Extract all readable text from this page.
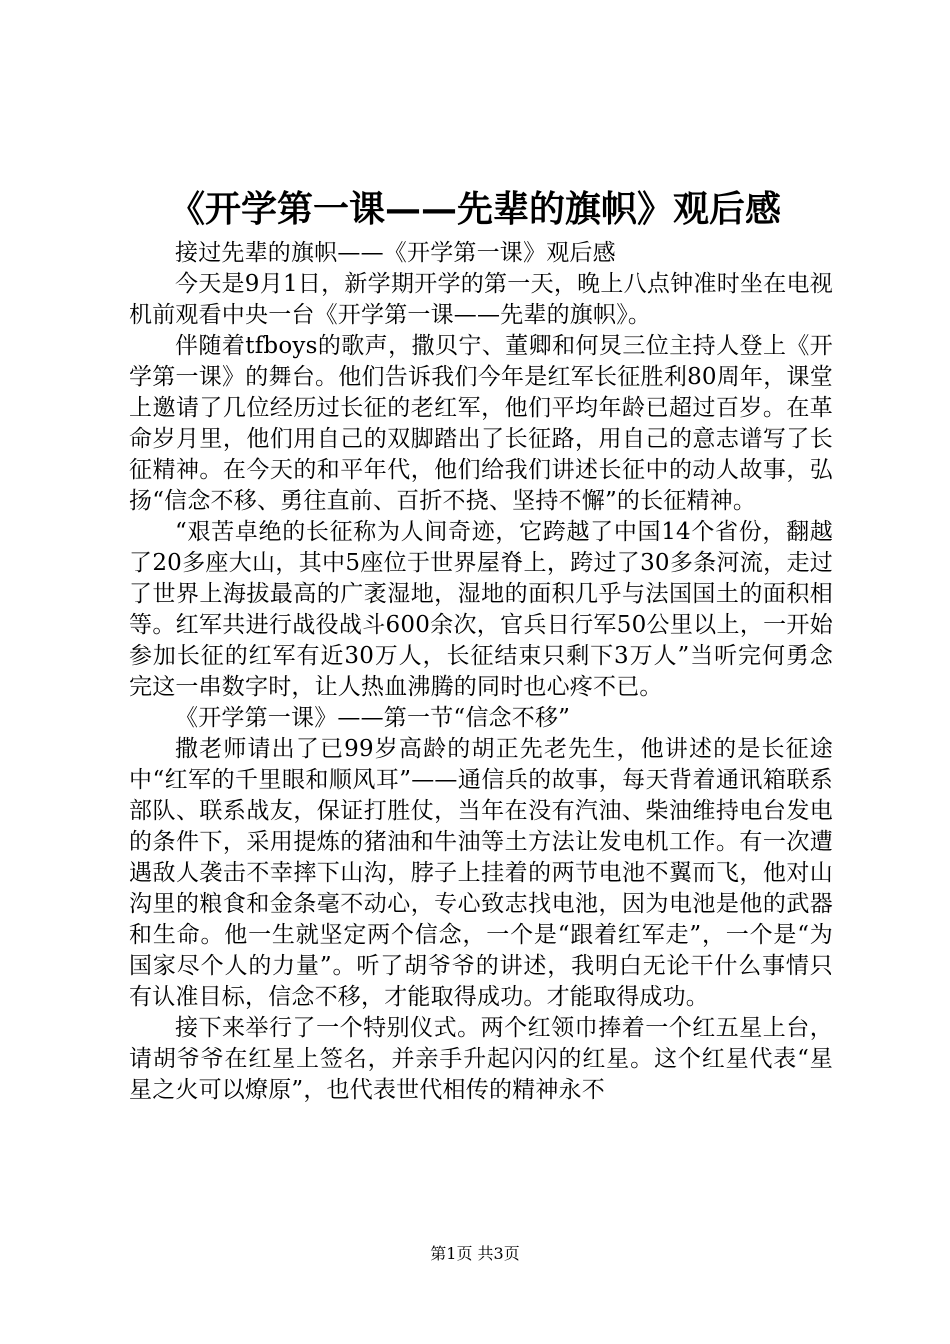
《开学第一课——先辈的旗帜》观后感

接过先辈的旗帜——《开学第一课》观后感

今天是9月1日，新学期开学的第一天，晚上八点钟准时坐在电视机前观看中央一台《开学第一课——先辈的旗帜》。

伴随着tfboys的歌声，撒贝宁、董卿和何炅三位主持人登上《开学第一课》的舞台。他们告诉我们今年是红军长征胜利80周年，课堂上邀请了几位经历过长征的老红军，他们平均年龄已超过百岁。在革命岁月里，他们用自己的双脚踏出了长征路，用自己的意志谱写了长征精神。在今天的和平年代，他们给我们讲述长征中的动人故事，弘扬“信念不移、勇往直前、百折不挠、坚持不懈”的长征精神。

“艰苦卓绝的长征称为人间奇迹，它跨越了中国14个省份，翻越了20多座大山，其中5座位于世界屋脊上，跨过了30多条河流，走过了世界上海拔最高的广袤湿地，湿地的面积几乎与法国国土的面积相等。红军共进行战役战斗600余次，官兵日行军50公里以上，一开始参加长征的红军有近30万人，长征结束只剩下3万人”当听完何勇念完这一串数字时，让人热血沸腾的同时也心疼不已。

《开学第一课》——第一节“信念不移”

撒老师请出了已99岁高龄的胡正先老先生，他讲述的是长征途中“红军的千里眼和顺风耳”——通信兵的故事，每天背着通讯箱联系部队、联系战友，保证打胜仗，当年在没有汽油、柴油维持电台发电的条件下，采用提炼的猪油和牛油等土方法让发电机工作。有一次遭遇敌人袭击不幸摔下山沟，脖子上挂着的两节电池不翼而飞，他对山沟里的粮食和金条毫不动心，专心致志找电池，因为电池是他的武器和生命。他一生就坚定两个信念，一个是“跟着红军走”，一个是“为国家尽个人的力量”。听了胡爷爷的讲述，我明白无论干什么事情只有认准目标，信念不移，才能取得成功。才能取得成功。

接下来举行了一个特别仪式。两个红领巾捧着一个红五星上台，请胡爷爷在红星上签名，并亲手升起闪闪的红星。这个红星代表“星星之火可以燎原”，也代表世代相传的精神永不

第1页 共3页
